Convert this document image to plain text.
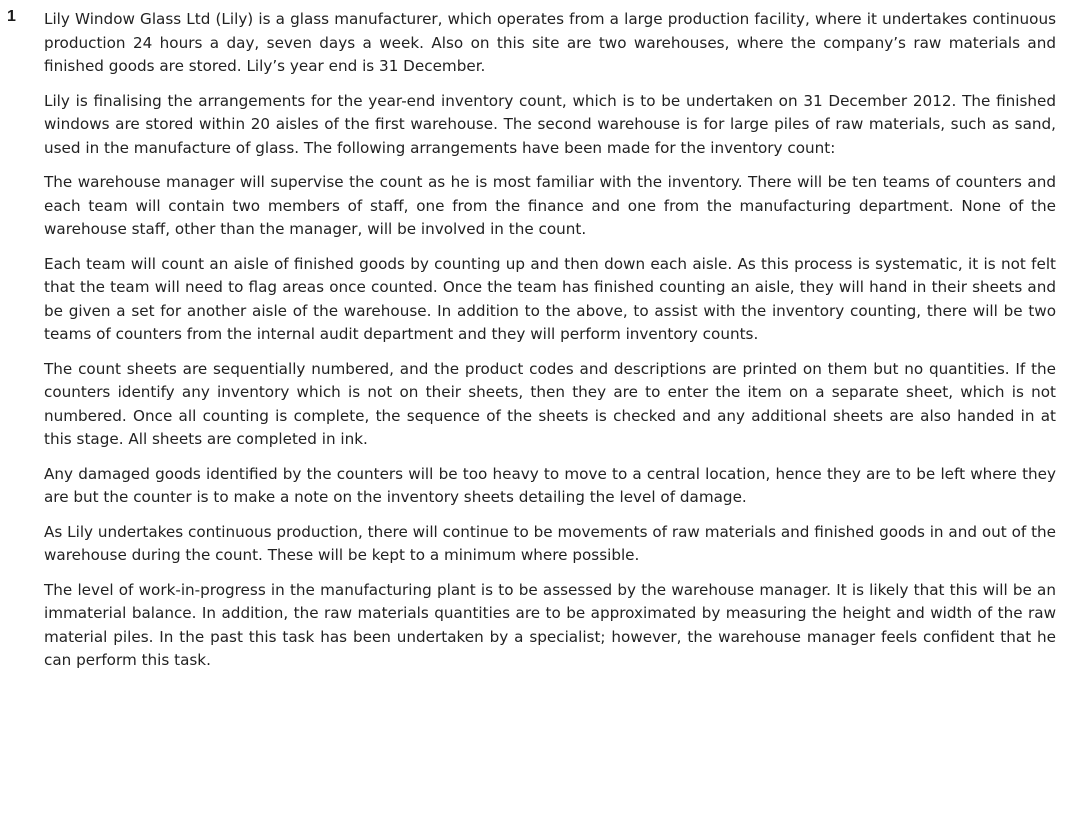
1 Lily Window Glass Ltd (Lily) is a glass manufacturer, which operates from a large production facility, where it undertakes continuous production 24 hours a day, seven days a week. Also on this site are two warehouses, where the company’s raw materials and finished goods are stored. Lily’s year end is 31 December.

Lily is finalising the arrangements for the year-end inventory count, which is to be undertaken on 31 December 2012. The finished windows are stored within 20 aisles of the first warehouse. The second warehouse is for large piles of raw materials, such as sand, used in the manufacture of glass. The following arrangements have been made for the inventory count:

The warehouse manager will supervise the count as he is most familiar with the inventory. There will be ten teams of counters and each team will contain two members of staff, one from the finance and one from the manufacturing department. None of the warehouse staff, other than the manager, will be involved in the count.

Each team will count an aisle of finished goods by counting up and then down each aisle. As this process is systematic, it is not felt that the team will need to flag areas once counted. Once the team has finished counting an aisle, they will hand in their sheets and be given a set for another aisle of the warehouse. In addition to the above, to assist with the inventory counting, there will be two teams of counters from the internal audit department and they will perform inventory counts.

The count sheets are sequentially numbered, and the product codes and descriptions are printed on them but no quantities. If the counters identify any inventory which is not on their sheets, then they are to enter the item on a separate sheet, which is not numbered. Once all counting is complete, the sequence of the sheets is checked and any additional sheets are also handed in at this stage. All sheets are completed in ink.

Any damaged goods identified by the counters will be too heavy to move to a central location, hence they are to be left where they are but the counter is to make a note on the inventory sheets detailing the level of damage.

As Lily undertakes continuous production, there will continue to be movements of raw materials and finished goods in and out of the warehouse during the count. These will be kept to a minimum where possible.

The level of work-in-progress in the manufacturing plant is to be assessed by the warehouse manager. It is likely that this will be an immaterial balance. In addition, the raw materials quantities are to be approximated by measuring the height and width of the raw material piles. In the past this task has been undertaken by a specialist; however, the warehouse manager feels confident that he can perform this task.
